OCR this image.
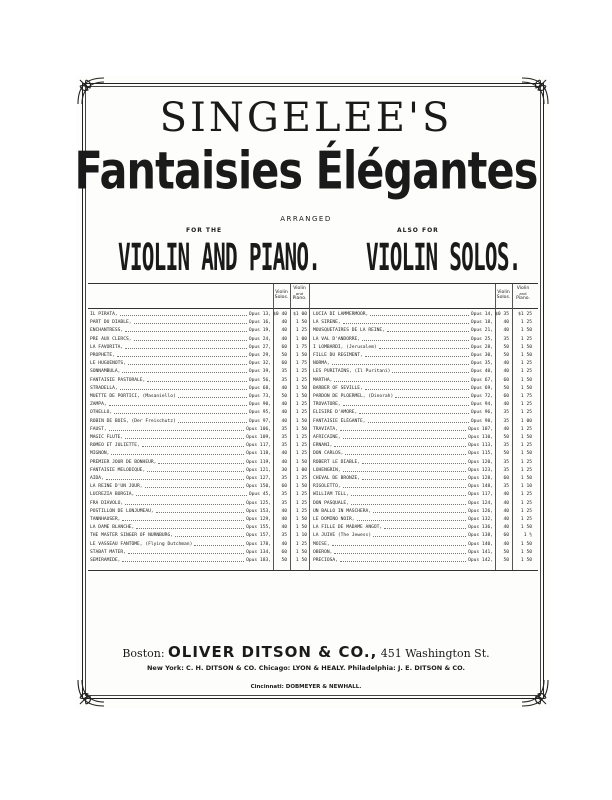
SINGELEE'S
Fantaisies Élégantes
ARRANGED
FOR THE	ALSO FOR
VIOLIN AND PIANO. VIOLIN SOLOS.
Violin Solos.
Violin
and
Piano.
Violin Solos.
Violin
and
Piano.
IL PIRATA,	Opus 13, $0 40	$1 00
PART DU DIABLE,	Opus 16,	40	1 50
ENCHANTRESS,	Opus 19,	40	1 25
PRE AUX CLERCS,	Opus 24,	40	1 00
LA FAVORITA,	Opus 27,	60	1 75
PROPHETE,	Opus 29,	50	1 50
LE HUGUENOTS,	Opus 32,	60	1 75
SONNAMBULA,	Opus 39,	35	1 25
FANTAISIE PASTORALE,	Opus 56,	35	1 25
STRADELLA,	Opus 68,	40	1 50
MUETTE DE PORTICI, (Masaniello)	Opus 73,	50	1 50
ZAMPA,	Opus 90,	40	1 25
OTHELLO,	Opus 95,	40	1 25
ROBIN DE BOIS, (Der Freischutz)	Opus 97,	40	1 50
FAUST,	Opus 106,	35	1 50
MAGIC FLUTE,	Opus 109,	35	1 25
ROMEO ET JULIETTE,	Opus 117,	35	1 25
MIGNON,	Opus 118,	40	1 25
PREMIER JOUR DE BONHEUR,	Opus 119,	40	1 50
FANTAISIE MELODIQUE,	Opus 121,	30	1 00
AIDA,	Opus 127,	35	1 25
LA REINE D'UN JOUR,	Opus 150,	60	1 50
LUCREZIA BORGIA,	Opus 45,	35	1 25
FRA DIAVOLO,	Opus 125,	35	1 25
POSTILLON DE LONJUMEAU,	Opus 153,	40	1 25
TANNHAUSER,	Opus 129,	40	1 50
LA DAME BLANCHE,	Opus 155,	40	1 50
THE MASTER SINGER OF NURNBURG,	Opus 157,	35	1 10
LE VASSEAU FANTÔME, (Flying Dutchman)	Opus 178,	40	1 25
STABAT MATER,	Opus 134,	60	1 50
SEMIRAMIDE,	Opus 183,	50	1 50
LUCIA DI LAMMERMOOR,	Opus 14, $0 35	$1 25
LA SIRENE,	Opus 18,	40	1 25
MOUSQUETAIRES DE LA REINE,	Opus 21,	40	1 50
LA VAL D'ANDORRE,	Opus 25,	35	1 25
I LOMBARDI, (Jerusalem)	Opus 28,	50	1 50
FILLE DU REGIMENT,	Opus 30,	50	1 50
NORMA,	Opus 35,	40	1 25
LES PURITAINS, (Il Puritani)	Opus 40,	40	1 25
MARTHA,	Opus 67,	60	1 50
BARBER OF SEVILLE,	Opus 69,	50	1 50
PARDON DE PLOERMEL, (Dinorah)	Opus 72,	60	1 75
TROVATORE,	Opus 94,	40	1 25
ELISIRE D'AMORE,	Opus 96,	35	1 25
FANTAISIE ÉLÉGANTE,	Opus 98,	35	1 00
TRAVIATA,	Opus 107,	40	1 25
AFRICAINE,	Opus 110,	50	1 50
ERNANI,	Opus 113,	35	1 25
DON CARLOS,	Opus 115,	50	1 50
ROBERT LE DIABLE,	Opus 120,	35	1 25
LOHENGRIN,	Opus 123,	35	1 25
CHEVAL DE BRONZE,	Opus 128,	60	1 50
RIGOLETTO,	Opus 148,	35	1 10
WILLIAM TELL,	Opus 117,	40	1 25
DON PASQUALE,	Opus 124,	40	1 25
UN BALLO IN MASCHERA,	Opus 126,	40	1 25
LE DOMINO NOIR,	Opus 132,	40	1 25
LA FILLE DE MADAME ANGOT,	Opus 136,	40	1 50
LA JUIVE (The Jewess)	Opus 138,	60	1 ½
MOISE,	Opus 140,	40	1 50
OBERON,	Opus 141,	50	1 50
PRECIOSA,	Opus 142,	50	1 50
Boston: OLIVER DITSON & CO., 451 Washington St.
New York: C. H. DITSON & CO. Chicago: LYON & HEALY. Philadelphia: J. E. DITSON & CO.
Cincinnati: DOBMEYER & NEWHALL.
